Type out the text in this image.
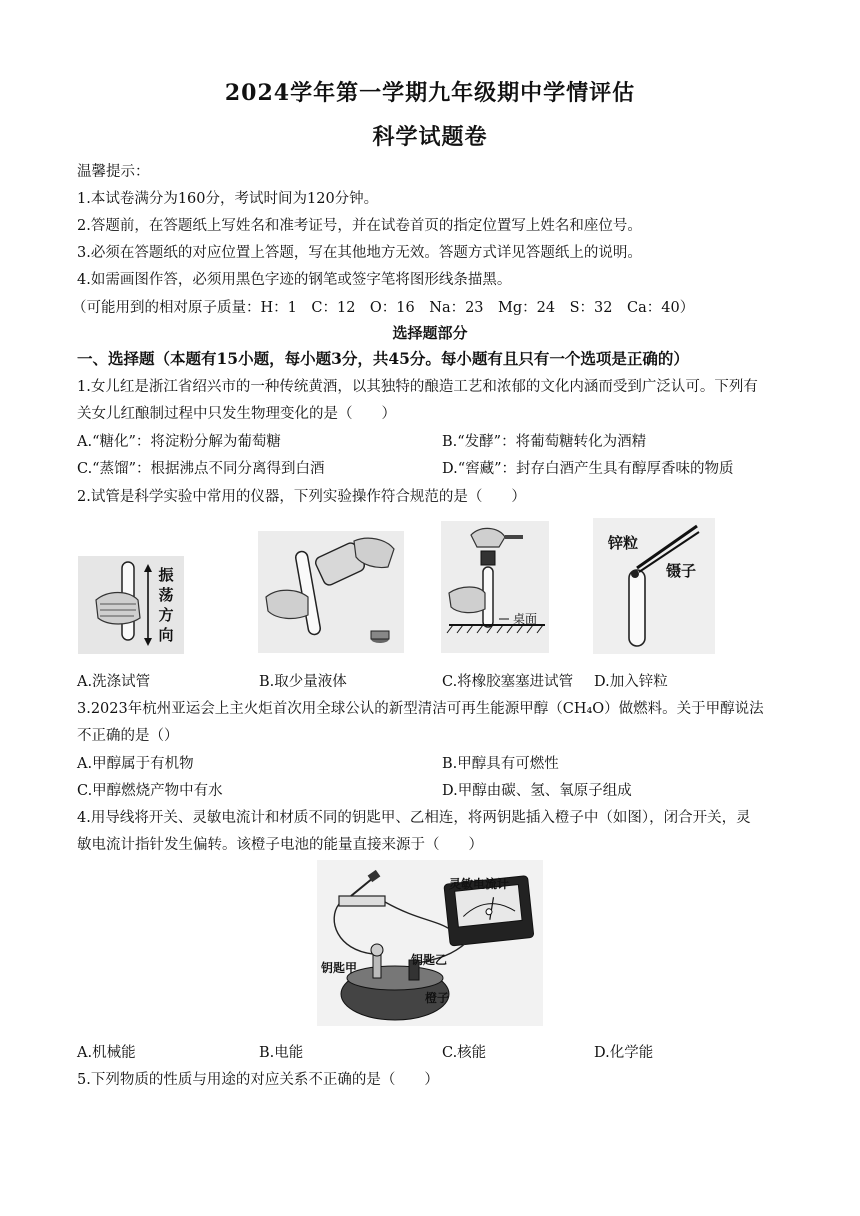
2024学年第一学期九年级期中学情评估
科学试题卷
温馨提示：
1.本试卷满分为160分，考试时间为120分钟。
2.答题前，在答题纸上写姓名和准考证号，并在试卷首页的指定位置写上姓名和座位号。
3.必须在答题纸的对应位置上答题，写在其他地方无效。答题方式详见答题纸上的说明。
4.如需画图作答，必须用黑色字迹的钢笔或签字笔将图形线条描黑。
（可能用到的相对原子质量：H：1　C：12　O：16　Na：23　Mg：24　S：32　Ca：40）
选择题部分
一、选择题（本题有15小题，每小题3分，共45分。每小题有且只有一个选项是正确的）
1.女儿红是浙江省绍兴市的一种传统黄酒，以其独特的酿造工艺和浓郁的文化内涵而受到广泛认可。下列有
关女儿红酿制过程中只发生物理变化的是（　　）
A.“糖化”：将淀粉分解为葡萄糖	B.“发酵”：将葡萄糖转化为酒精
C.“蒸馏”：根据沸点不同分离得到白酒	D.“窖藏”：封存白酒产生具有醇厚香味的物质
2.试管是科学实验中常用的仪器，下列实验操作符合规范的是（　　）
振
荡
方
向
桌面
锌粒
镊子
A.洗涤试管	B.取少量液体	C.将橡胶塞塞进试管 D.加入锌粒
3.2023年杭州亚运会上主火炬首次用全球公认的新型清洁可再生能源甲醇（CH₄O）做燃料。关于甲醇说法
不正确的是（）
A.甲醇属于有机物	B.甲醇具有可燃性
C.甲醇燃烧产物中有水	D.甲醇由碳、氢、氧原子组成
4.用导线将开关、灵敏电流计和材质不同的钥匙甲、乙相连，将两钥匙插入橙子中（如图），闭合开关，灵
敏电流计指针发生偏转。该橙子电池的能量直接来源于（　　）
灵敏电流计
钥匙甲
钥匙乙
橙子
A.机械能	B.电能	C.核能	D.化学能
5.下列物质的性质与用途的对应关系不正确的是（　　）
